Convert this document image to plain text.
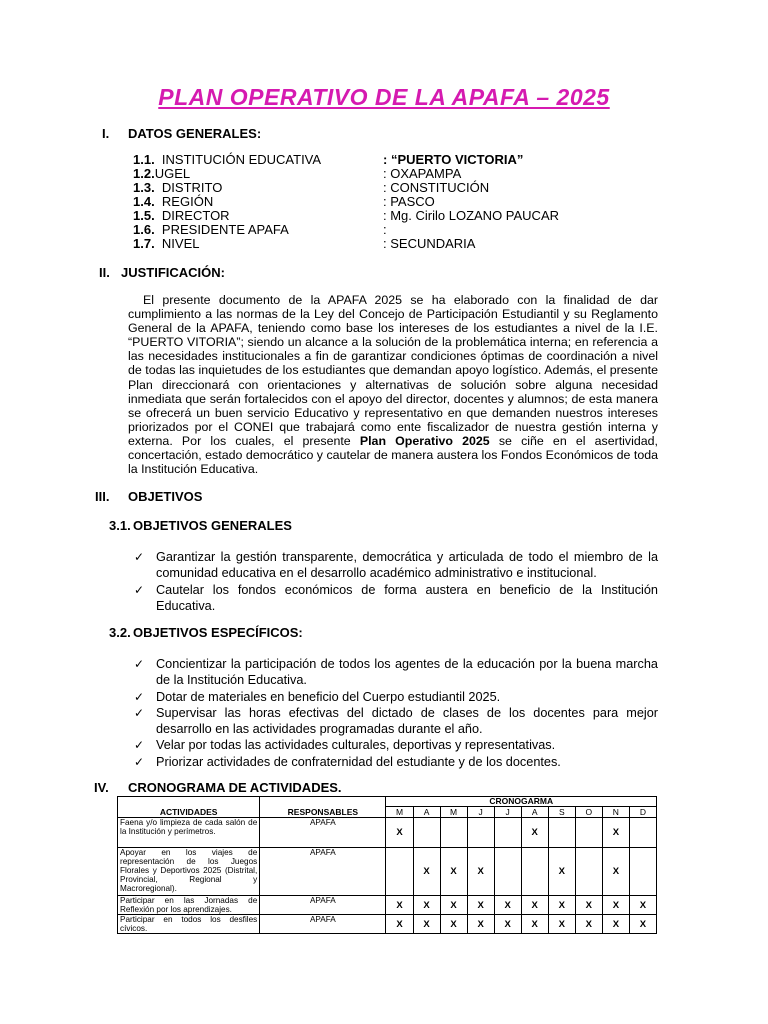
PLAN OPERATIVO DE LA APAFA – 2025
I. DATOS GENERALES:
1.1. INSTITUCIÓN EDUCATIVA	: “PUERTO VICTORIA”
1.2.UGEL	: OXAPAMPA
1.3. DISTRITO	: CONSTITUCIÓN
1.4. REGIÓN	: PASCO
1.5. DIRECTOR	: Mg. Cirilo LOZANO PAUCAR
1.6. PRESIDENTE APAFA	:
1.7. NIVEL	: SECUNDARIA
II. JUSTIFICACIÓN:
El presente documento de la APAFA 2025 se ha elaborado con la finalidad de dar cumplimiento a las normas de la Ley del Concejo de Participación Estudiantil y su Reglamento General de la APAFA, teniendo como base los intereses de los estudiantes a nivel de la I.E. “PUERTO VITORIA”; siendo un alcance a la solución de la problemática interna; en referencia a las necesidades institucionales a fin de garantizar condiciones óptimas de coordinación a nivel de todas las inquietudes de los estudiantes que demandan apoyo logístico. Además, el presente Plan direccionará con orientaciones y alternativas de solución sobre alguna necesidad inmediata que serán fortalecidos con el apoyo del director, docentes y alumnos; de esta manera se ofrecerá un buen servicio Educativo y representativo en que demanden nuestros intereses priorizados por el CONEI que trabajará como ente fiscalizador de nuestra gestión interna y externa. Por los cuales, el presente Plan Operativo 2025 se ciñe en el asertividad, concertación, estado democrático y cautelar de manera austera los Fondos Económicos de toda la Institución Educativa.
III. OBJETIVOS
3.1. OBJETIVOS GENERALES
✓ Garantizar la gestión transparente, democrática y articulada de todo el miembro de la comunidad educativa en el desarrollo académico administrativo e institucional.
✓ Cautelar los fondos económicos de forma austera en beneficio de la Institución Educativa.
3.2. OBJETIVOS ESPECÍFICOS:
✓ Concientizar la participación de todos los agentes de la educación por la buena marcha de la Institución Educativa.
✓ Dotar de materiales en beneficio del Cuerpo estudiantil 2025.
✓ Supervisar las horas efectivas del dictado de clases de los docentes para mejor desarrollo en las actividades programadas durante el año.
✓ Velar por todas las actividades culturales, deportivas y representativas.
✓ Priorizar actividades de confraternidad del estudiante y de los docentes.
IV. CRONOGRAMA DE ACTIVIDADES.
ACTIVIDADES	RESPONSABLES	CRONOGARMA									
		M	A	M	J	J	A	S	O	N	D
Faena y/o limpieza de cada salón de la Institución y perímetros.	APAFA	X					X			X	
Apoyar en los viajes de representación de los Juegos Florales y Deportivos 2025 (Distrital, Provincial, Regional y Macroregional).	APAFA		X	X	X			X		X	
Participar en las Jornadas de Reflexión por los aprendizajes.	APAFA	X	X	X	X	X	X	X	X	X	X
Participar en todos los desfiles cívicos.	APAFA	X	X	X	X	X	X	X	X	X	X
